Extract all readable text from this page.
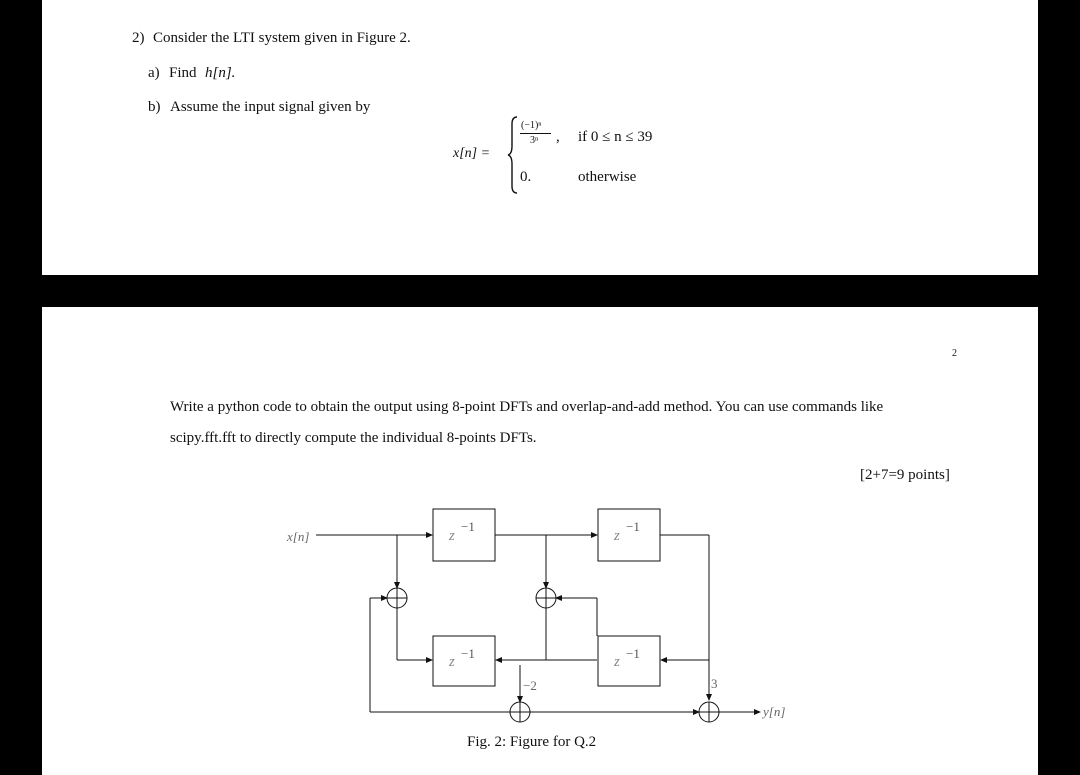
2) Consider the LTI system given in Figure 2.
a) Find h[n].
b) Assume the input signal given by
x[n] =
(−1)ⁿ
3ⁿ , if 0 ≤ n ≤ 39
0.	otherwise
2
Write a python code to obtain the output using 8-point DFTs and overlap-and-add method. You can use commands like
scipy.fft.fft to directly compute the individual 8-points DFTs.
[2+7=9 points]
Fig. 2: Figure for Q.2
x[n]	z	z
z	z
−1	−1
−1	−1
−2	3
y[n]
